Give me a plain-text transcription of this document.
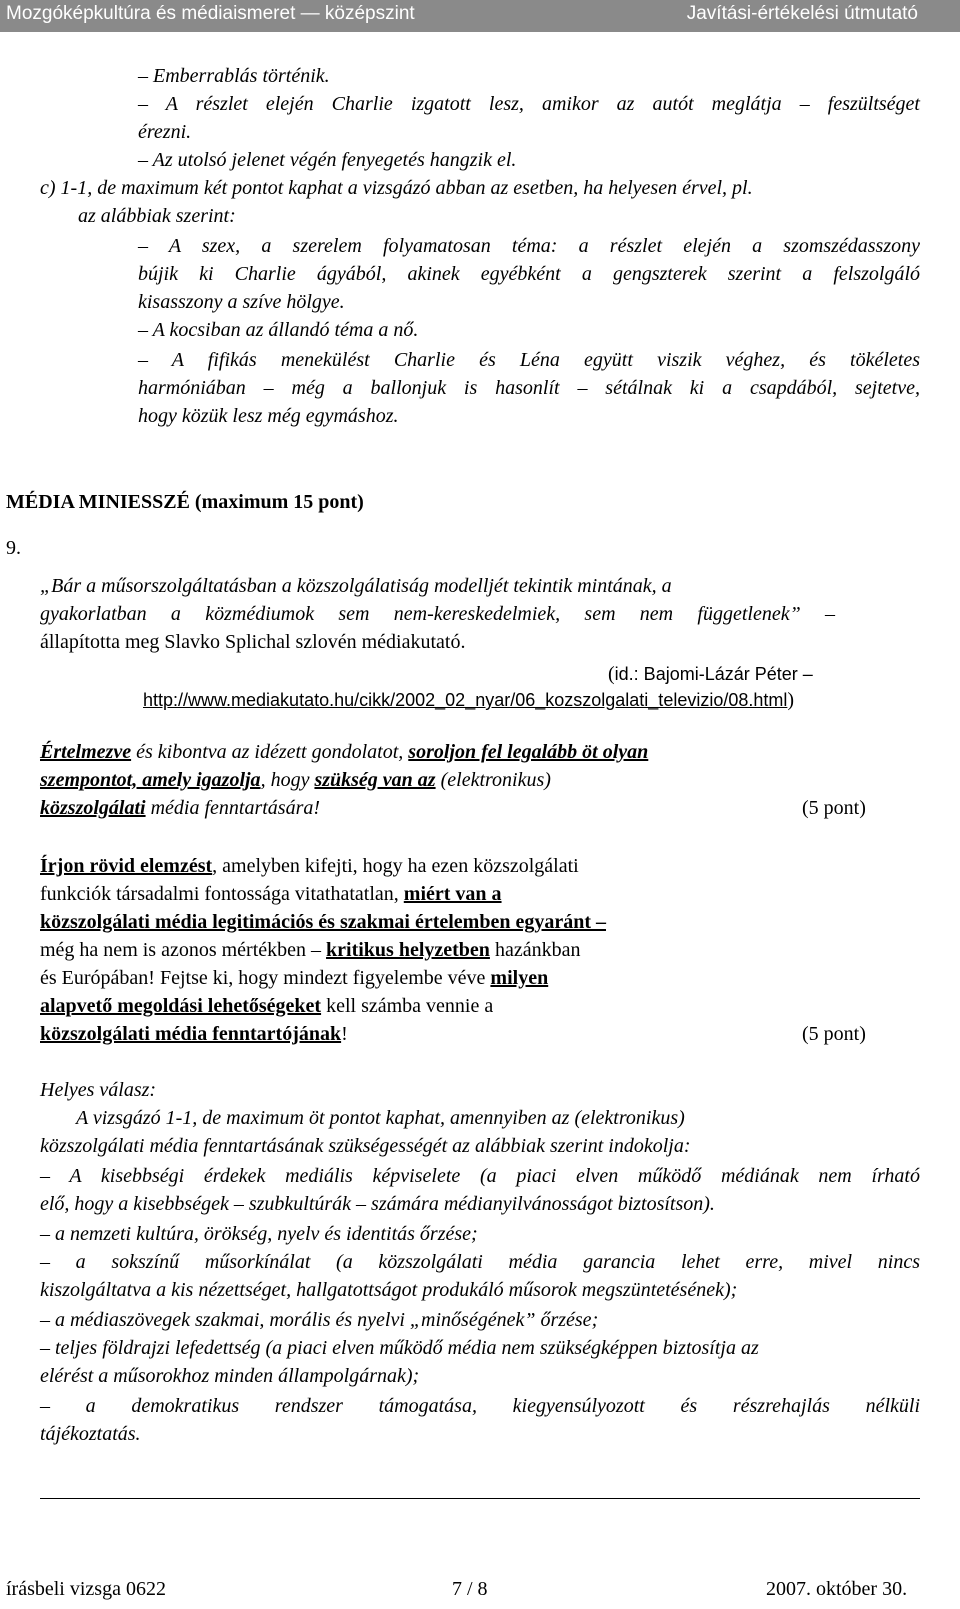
Mozgóképkultúra és médiaismeret — középszint	Javítási-értékelési útmutató
– Emberrablás történik.
– A részlet elején Charlie izgatott lesz, amikor az autót meglátja – feszültséget
érezni.
– Az utolsó jelenet végén fenyegetés hangzik el.
c) 1-1, de maximum két pontot kaphat a vizsgázó abban az esetben, ha helyesen érvel, pl.
az alábbiak szerint:
– A szex, a szerelem folyamatosan téma: a részlet elején a szomszédasszony
bújik ki Charlie ágyából, akinek egyébként a gengszterek szerint a felszolgáló
kisasszony a szíve hölgye.
– A kocsiban az állandó téma a nő.
– A fifikás menekülést Charlie és Léna együtt viszik véghez, és tökéletes
harmóniában – még a ballonjuk is hasonlít – sétálnak ki a csapdából, sejtetve,
hogy közük lesz még egymáshoz.
MÉDIA MINIESSZÉ (maximum 15 pont)
9.
„Bár a műsorszolgáltatásban a közszolgálatiság modelljét tekintik mintának, a
gyakorlatban a közmédiumok sem nem-kereskedelmiek, sem nem függetlenek” –
állapította meg Slavko Splichal szlovén médiakutató.
(id.: Bajomi-Lázár Péter –
http://www.mediakutato.hu/cikk/2002_02_nyar/06_kozszolgalati_televizio/08.html)
Értelmezve és kibontva az idézett gondolatot, soroljon fel legalább öt olyan
szempontot, amely igazolja, hogy szükség van az (elektronikus)
közszolgálati média fenntartására!	(5 pont)
Írjon rövid elemzést, amelyben kifejti, hogy ha ezen közszolgálati
funkciók társadalmi fontossága vitathatatlan, miért van a
közszolgálati média legitimációs és szakmai értelemben egyaránt –
még ha nem is azonos mértékben – kritikus helyzetben hazánkban
és Európában! Fejtse ki, hogy mindezt figyelembe véve milyen
alapvető megoldási lehetőségeket kell számba vennie a
közszolgálati média fenntartójának!	(5 pont)
Helyes válasz:
A vizsgázó 1-1, de maximum öt pontot kaphat, amennyiben az (elektronikus)
közszolgálati média fenntartásának szükségességét az alábbiak szerint indokolja:
– A kisebbségi érdekek mediális képviselete (a piaci elven működő médiának nem írható
elő, hogy a kisebbségek – szubkultúrák – számára médianyilvánosságot biztosítson).
– a nemzeti kultúra, örökség, nyelv és identitás őrzése;
– a sokszínű műsorkínálat (a közszolgálati média garancia lehet erre, mivel nincs
kiszolgáltatva a kis nézettséget, hallgatottságot produkáló műsorok megszüntetésének);
– a médiaszövegek szakmai, morális és nyelvi „minőségének” őrzése;
– teljes földrajzi lefedettség (a piaci elven működő média nem szükségképpen biztosítja az
elérést a műsorokhoz minden állampolgárnak);
– a demokratikus rendszer támogatása, kiegyensúlyozott és részrehajlás nélküli
tájékoztatás.
írásbeli vizsga 0622	7 / 8	2007. október 30.
